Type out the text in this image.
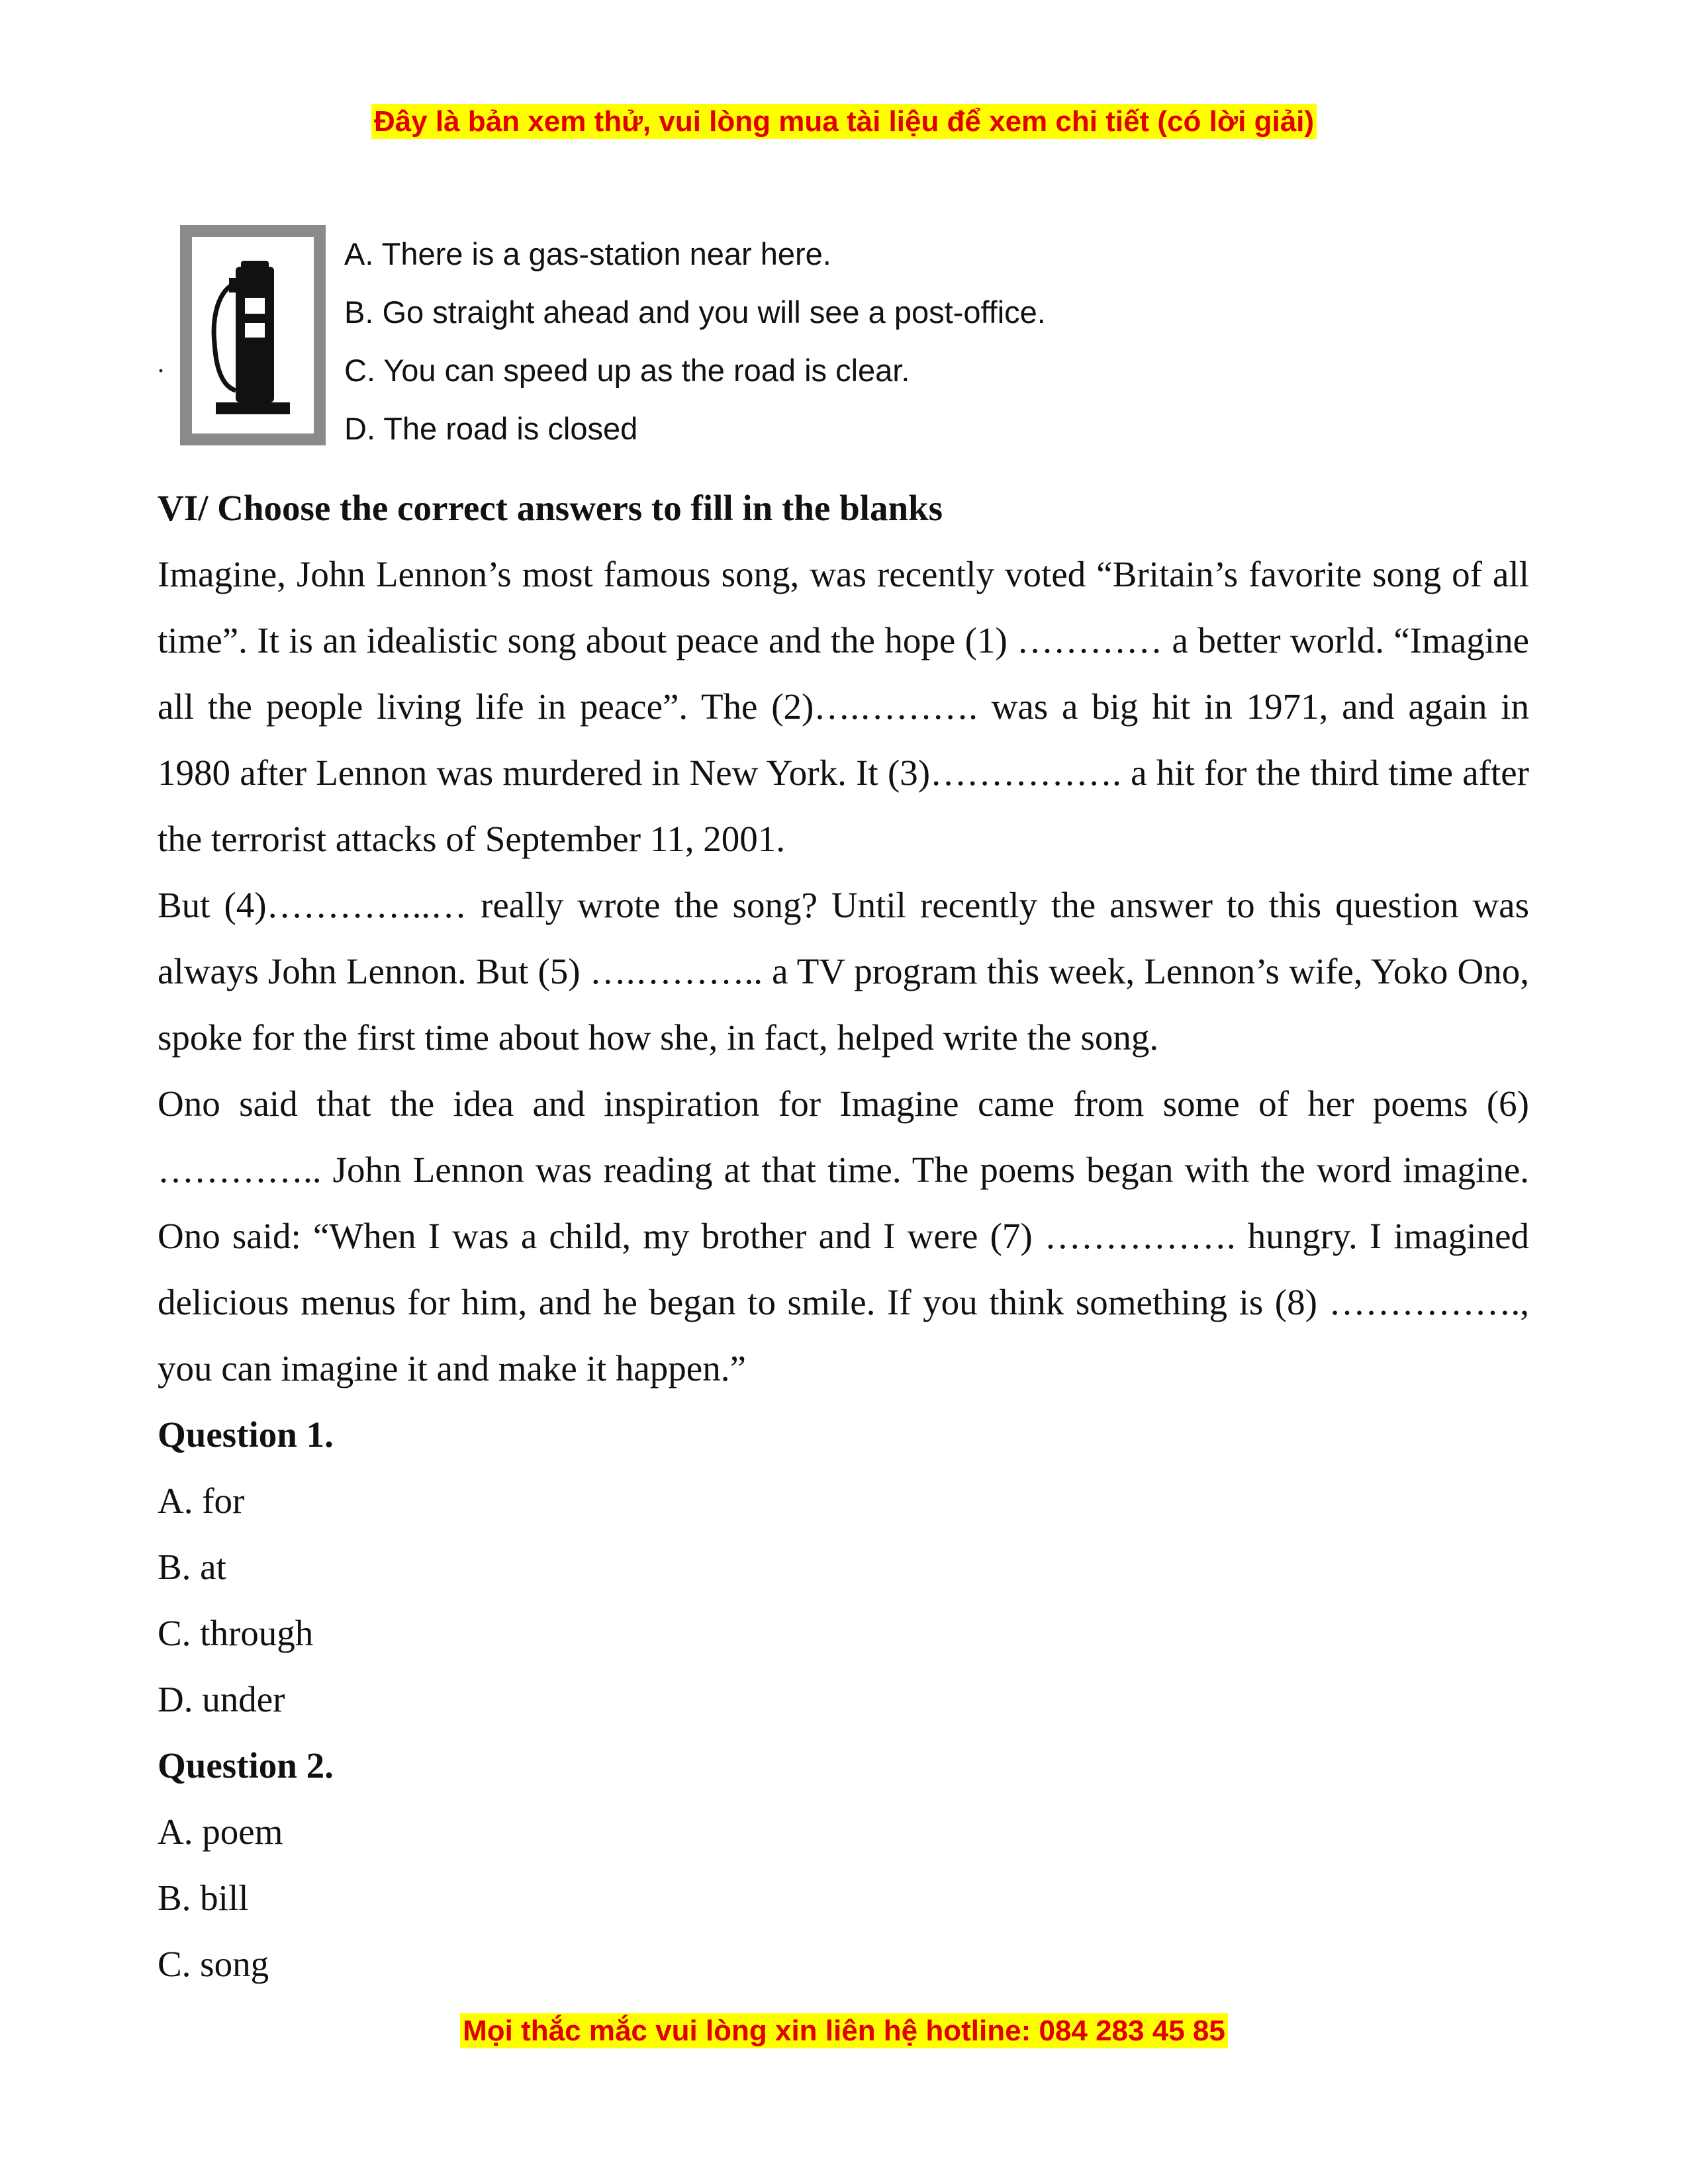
Đây là bản xem thử, vui lòng mua tài liệu để xem chi tiết (có lời giải)
.
A. There is a gas-station near here.
B. Go straight ahead and you will see a post-office.
C. You can speed up as the road is clear.
D. The road is closed

VI/ Choose the correct answers to fill in the blanks

Imagine, John Lennon’s most famous song, was recently voted “Britain’s favorite song of all time”. It is an idealistic song about peace and the hope (1) ………… a better world. “Imagine all the people living life in peace”. The (2)….………. was a big hit in 1971, and again in 1980 after Lennon was murdered in New York. It (3)……………. a hit for the third time after the terrorist attacks of September 11, 2001.

But (4)…………..… really wrote the song? Until recently the answer to this question was always John Lennon. But (5) ….……….. a TV program this week, Lennon’s wife, Yoko Ono, spoke for the first time about how she, in fact, helped write the song.

Ono said that the idea and inspiration for Imagine came from some of her poems (6) ………….. John Lennon was reading at that time. The poems began with the word imagine. Ono said: “When I was a child, my brother and I were (7) ……………. hungry. I imagined delicious menus for him, and he began to smile. If you think something is (8) ……………., you can imagine it and make it happen.”

Question 1.

A. for

B. at

C. through

D. under

Question 2.

A. poem

B. bill

C. song

Mọi thắc mắc vui lòng xin liên hệ hotline: 084 283 45 85
